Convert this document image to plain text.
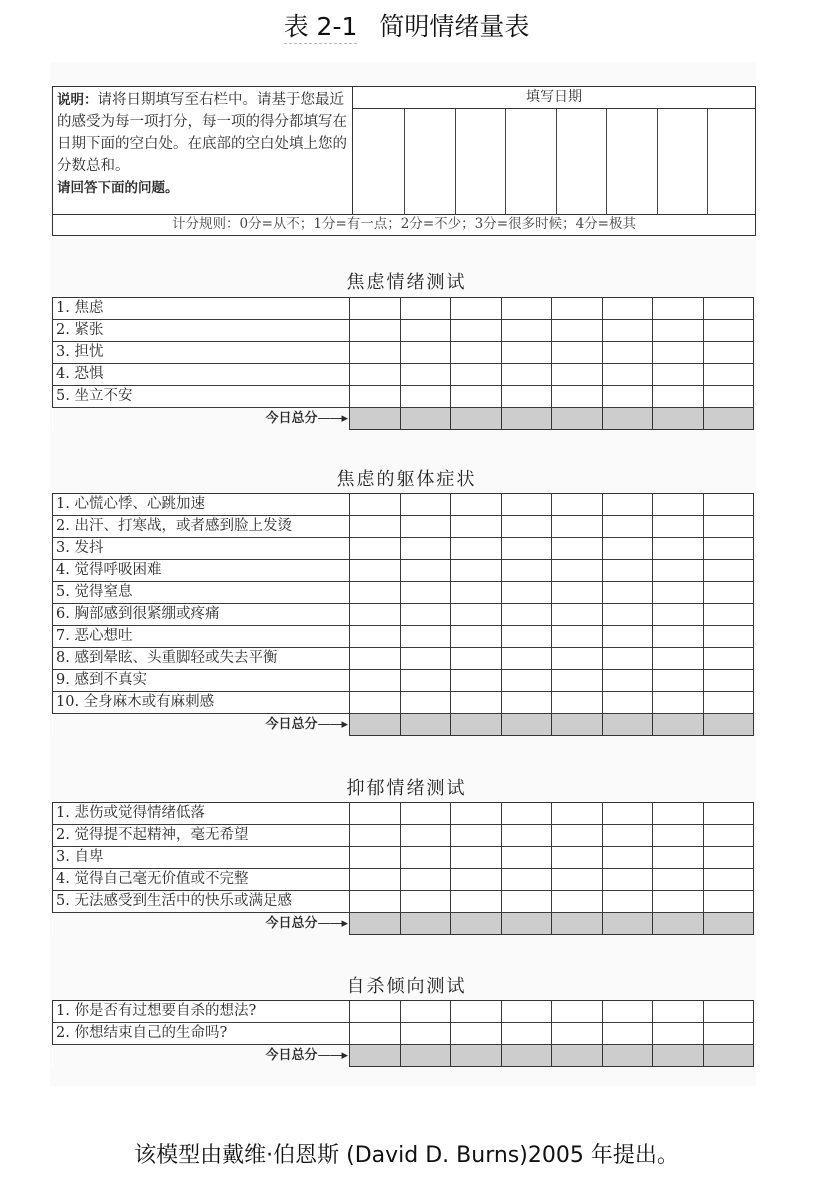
表 2-1 简明情绪量表
说明：请将日期填写至右栏中。请基于您最近的感受为每一项打分，每一项的得分都填写在日期下面的空白处。在底部的空白处填上您的分数总和。
请回答下面的问题。
填写日期
计分规则：0分=从不；1分=有一点；2分=不少；3分=很多时候；4分=极其
焦虑情绪测试
1. 焦虑								
2. 紧张								
3. 担忧								
4. 恐惧								
5. 坐立不安								
今日总分——▸								
焦虑的躯体症状
1. 心慌心悸、心跳加速								
2. 出汗、打寒战，或者感到脸上发烫								
3. 发抖								
4. 觉得呼吸困难								
5. 觉得窒息								
6. 胸部感到很紧绷或疼痛								
7. 恶心想吐								
8. 感到晕眩、头重脚轻或失去平衡								
9. 感到不真实								
10. 全身麻木或有麻刺感								
今日总分——▸								
抑郁情绪测试
1. 悲伤或觉得情绪低落								
2. 觉得提不起精神，毫无希望								
3. 自卑								
4. 觉得自己毫无价值或不完整								
5. 无法感受到生活中的快乐或满足感								
今日总分——▸								
自杀倾向测试
1. 你是否有过想要自杀的想法?								
2. 你想结束自己的生命吗?								
今日总分——▸								
该模型由戴维·伯恩斯 (David D. Burns)2005 年提出。
